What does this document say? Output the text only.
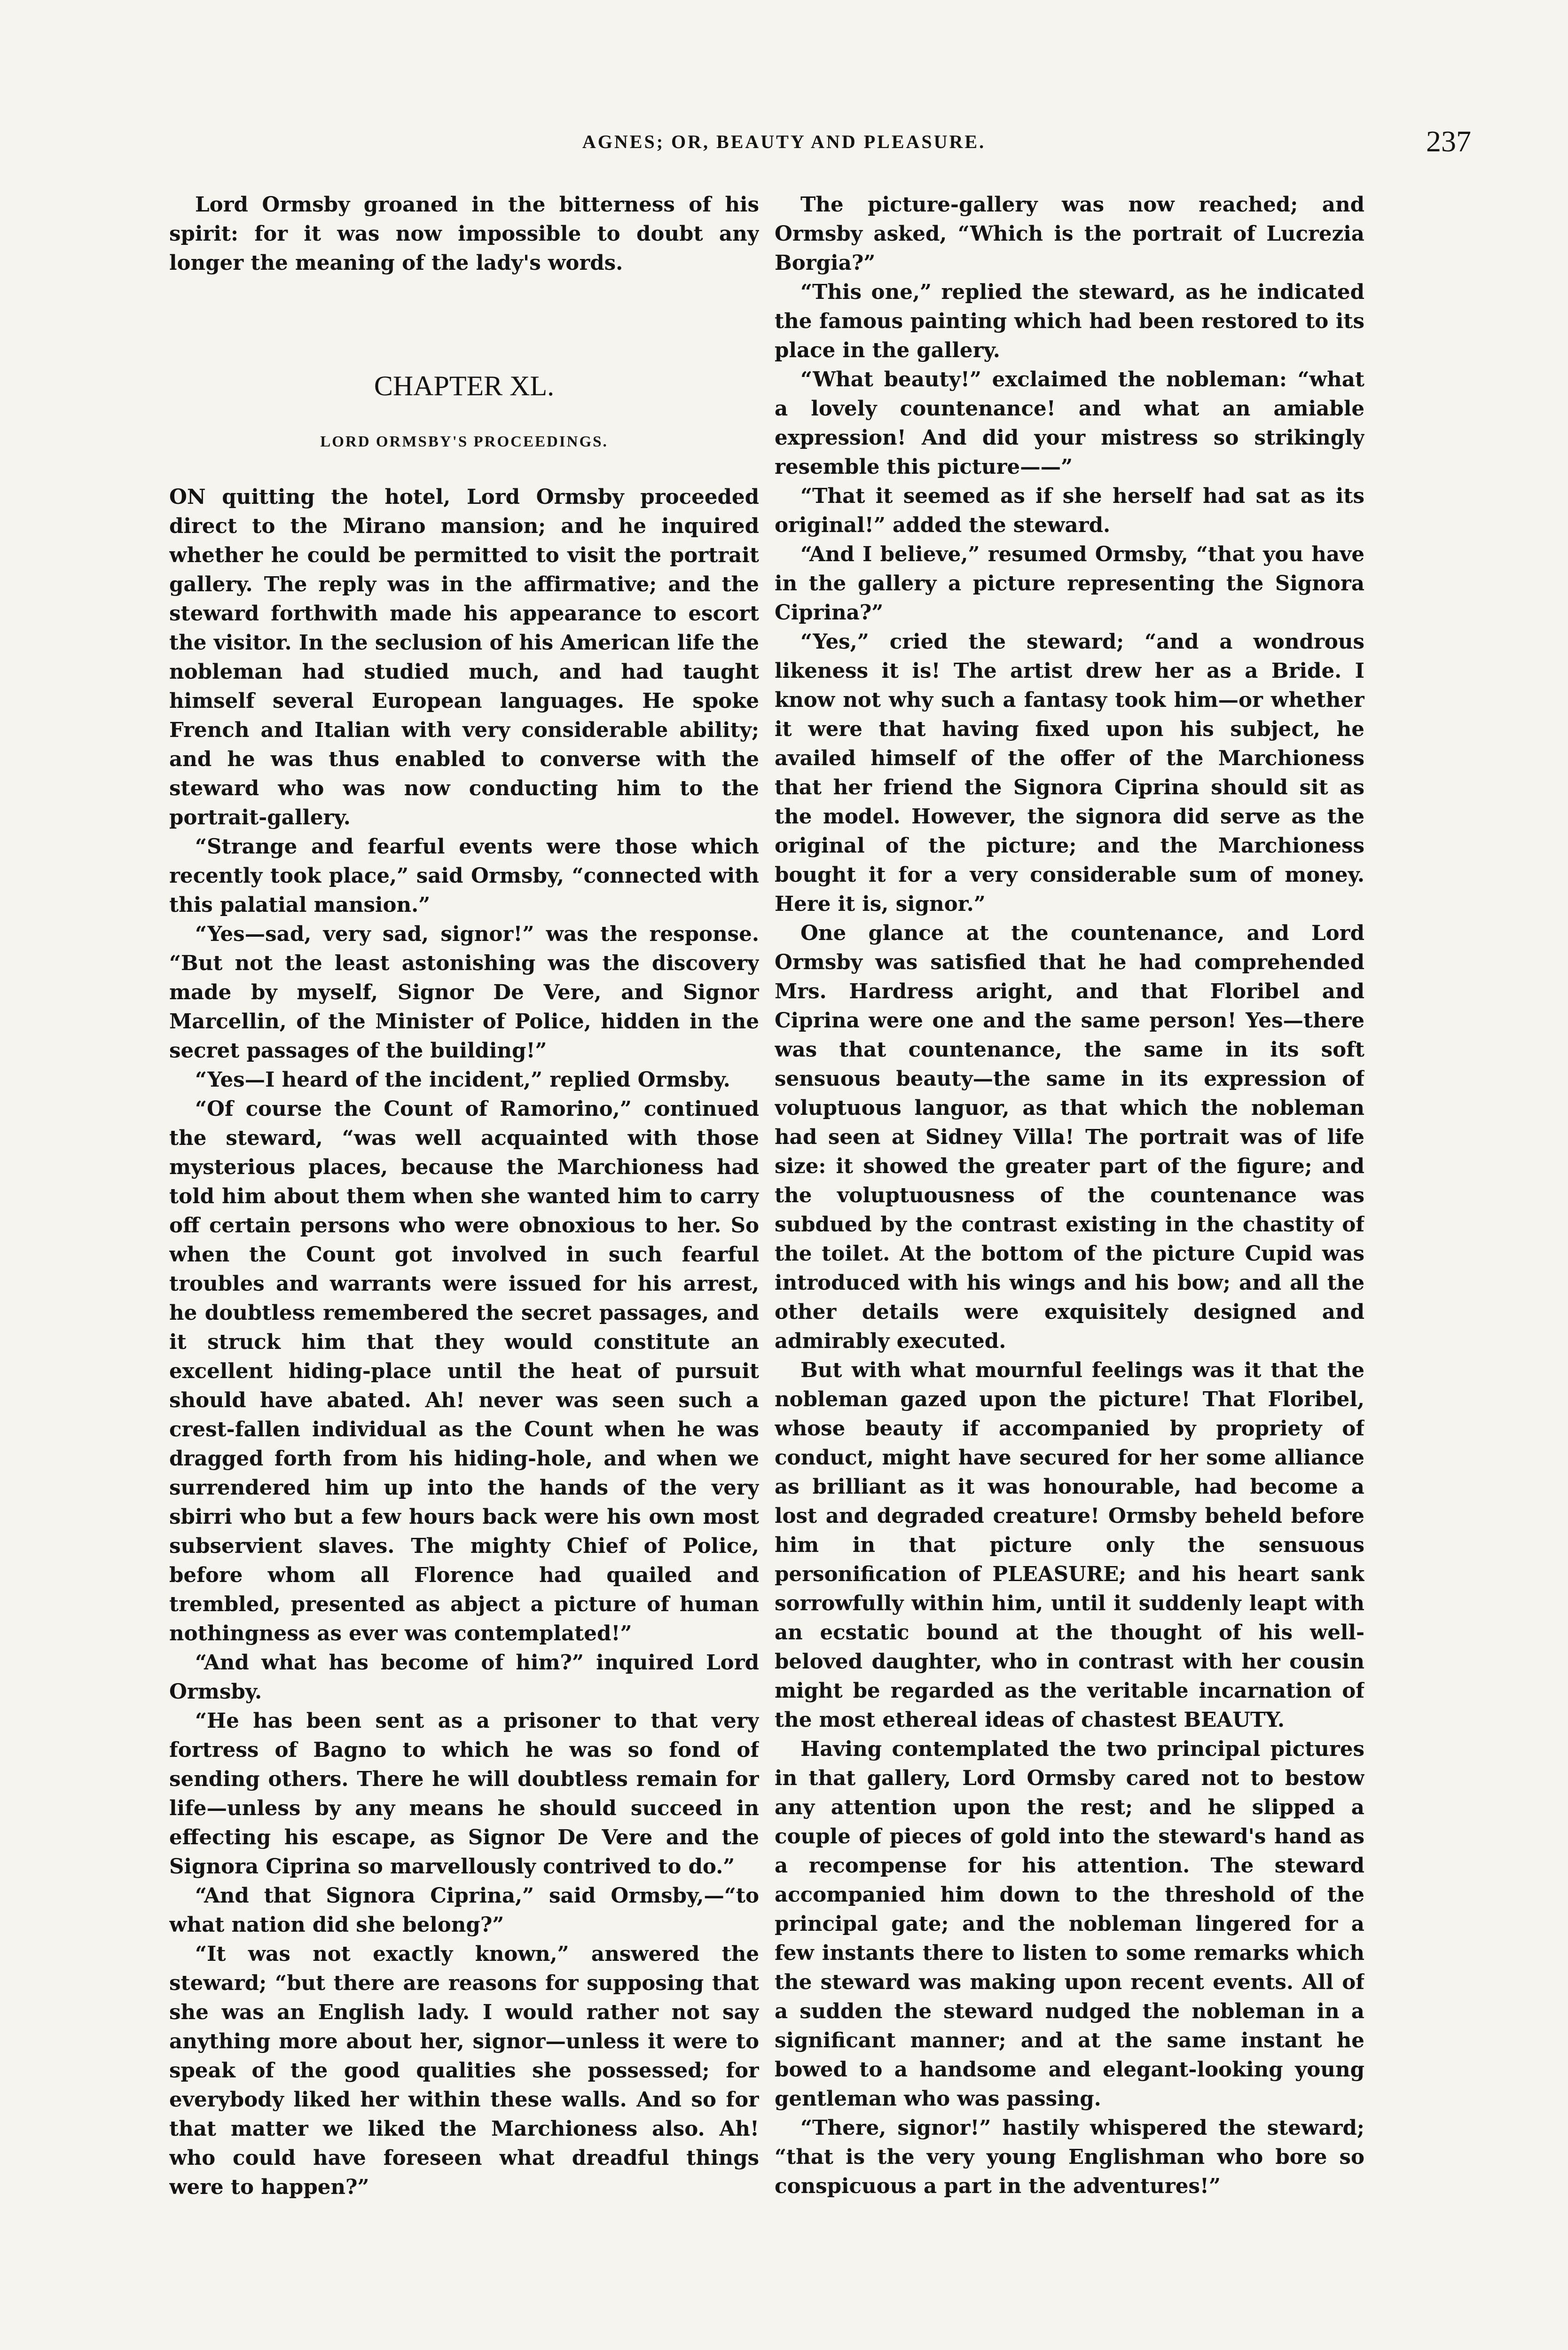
AGNES; OR, BEAUTY AND PLEASURE.	237

Lord Ormsby groaned in the bitterness of his spirit: for it was now impossible to doubt any longer the meaning of the lady's words.

CHAPTER XL.

LORD ORMSBY'S PROCEEDINGS.

ON quitting the hotel, Lord Ormsby proceeded direct to the Mirano mansion; and he inquired whether he could be permitted to visit the portrait gallery. The reply was in the affirmative; and the steward forthwith made his appearance to escort the visitor. In the seclusion of his American life the nobleman had studied much, and had taught himself several European languages. He spoke French and Italian with very considerable ability; and he was thus enabled to converse with the steward who was now conducting him to the portrait-gallery.

“Strange and fearful events were those which recently took place,” said Ormsby, “connected with this palatial mansion.”

“Yes—sad, very sad, signor!” was the response. “But not the least astonishing was the discovery made by myself, Signor De Vere, and Signor Marcellin, of the Minister of Police, hidden in the secret passages of the building!”

“Yes—I heard of the incident,” replied Ormsby.

“Of course the Count of Ramorino,” continued the steward, “was well acquainted with those mysterious places, because the Marchioness had told him about them when she wanted him to carry off certain persons who were obnoxious to her. So when the Count got involved in such fearful troubles and warrants were issued for his arrest, he doubtless remembered the secret passages, and it struck him that they would constitute an excellent hiding-place until the heat of pursuit should have abated. Ah! never was seen such a crest-fallen individual as the Count when he was dragged forth from his hiding-hole, and when we surrendered him up into the hands of the very sbirri who but a few hours back were his own most subservient slaves. The mighty Chief of Police, before whom all Florence had quailed and trembled, presented as abject a picture of human nothingness as ever was contemplated!”

“And what has become of him?” inquired Lord Ormsby.

“He has been sent as a prisoner to that very fortress of Bagno to which he was so fond of sending others. There he will doubtless remain for life—unless by any means he should succeed in effecting his escape, as Signor De Vere and the Signora Ciprina so marvellously contrived to do.”

“And that Signora Ciprina,” said Ormsby,—“to what nation did she belong?”

“It was not exactly known,” answered the steward; “but there are reasons for supposing that she was an English lady. I would rather not say anything more about her, signor—unless it were to speak of the good qualities she possessed; for everybody liked her within these walls. And so for that matter we liked the Marchioness also. Ah! who could have foreseen what dreadful things were to happen?”

The picture-gallery was now reached; and Ormsby asked, “Which is the portrait of Lucrezia Borgia?”

“This one,” replied the steward, as he indicated the famous painting which had been restored to its place in the gallery.

“What beauty!” exclaimed the nobleman: “what a lovely countenance! and what an amiable expression! And did your mistress so strikingly resemble this picture——”

“That it seemed as if she herself had sat as its original!” added the steward.

“And I believe,” resumed Ormsby, “that you have in the gallery a picture representing the Signora Ciprina?”

“Yes,” cried the steward; “and a wondrous likeness it is! The artist drew her as a Bride. I know not why such a fantasy took him—or whether it were that having fixed upon his subject, he availed himself of the offer of the Marchioness that her friend the Signora Ciprina should sit as the model. However, the signora did serve as the original of the picture; and the Marchioness bought it for a very considerable sum of money. Here it is, signor.”

One glance at the countenance, and Lord Ormsby was satisfied that he had comprehended Mrs. Hardress aright, and that Floribel and Ciprina were one and the same person! Yes—there was that countenance, the same in its soft sensuous beauty—the same in its expression of voluptuous languor, as that which the nobleman had seen at Sidney Villa! The portrait was of life size: it showed the greater part of the figure; and the voluptuousness of the countenance was subdued by the contrast existing in the chastity of the toilet. At the bottom of the picture Cupid was introduced with his wings and his bow; and all the other details were exquisitely designed and admirably executed.

But with what mournful feelings was it that the nobleman gazed upon the picture! That Floribel, whose beauty if accompanied by propriety of conduct, might have secured for her some alliance as brilliant as it was honourable, had become a lost and degraded creature! Ormsby beheld before him in that picture only the sensuous personification of PLEASURE; and his heart sank sorrowfully within him, until it suddenly leapt with an ecstatic bound at the thought of his well-beloved daughter, who in contrast with her cousin might be regarded as the veritable incarnation of the most ethereal ideas of chastest BEAUTY.

Having contemplated the two principal pictures in that gallery, Lord Ormsby cared not to bestow any attention upon the rest; and he slipped a couple of pieces of gold into the steward's hand as a recompense for his attention. The steward accompanied him down to the threshold of the principal gate; and the nobleman lingered for a few instants there to listen to some remarks which the steward was making upon recent events. All of a sudden the steward nudged the nobleman in a significant manner; and at the same instant he bowed to a handsome and elegant-looking young gentleman who was passing.

“There, signor!” hastily whispered the steward; “that is the very young Englishman who bore so conspicuous a part in the adventures!”
